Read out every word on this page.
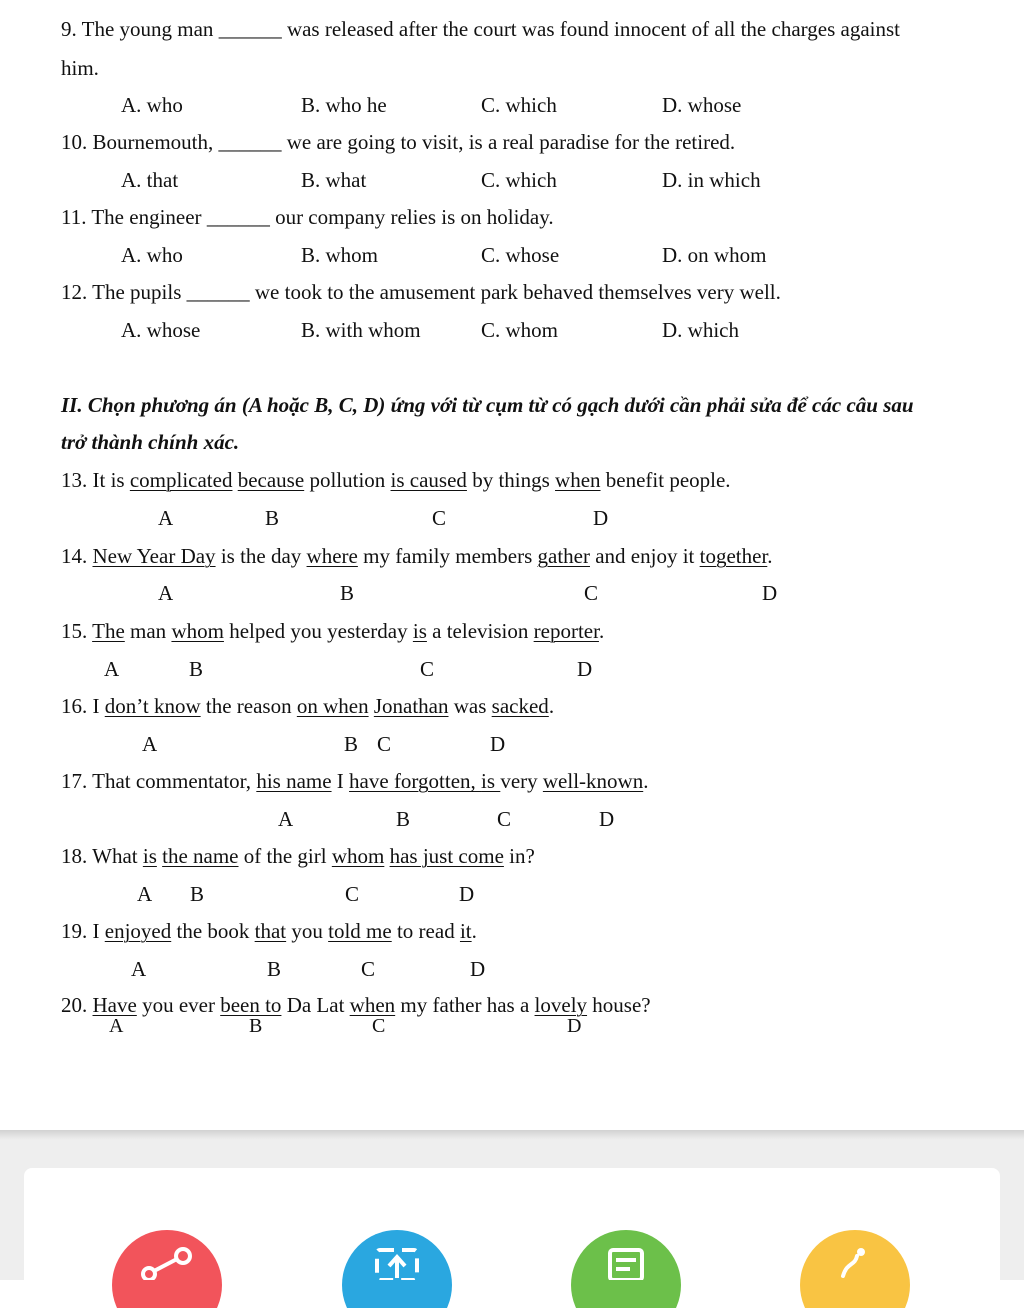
9. The young man ______ was released after the court was found innocent of all the charges against
him.
A. who	B. who he	C. which	D. whose
10. Bournemouth, ______ we are going to visit, is a real paradise for the retired.
A. that	B. what	C. which	D. in which
11. The engineer ______ our company relies is on holiday.
A. who	B. whom	C. whose	D. on whom
12. The pupils ______ we took to the amusement park behaved themselves very well.
A. whose	B. with whom	C. whom	D. which
II. Chọn phương án (A hoặc B, C, D) ứng với từ cụm từ có gạch dưới cần phải sửa để các câu sau
trở thành chính xác.
13. It is complicated because pollution is caused by things when benefit people.
A	B	C	D
14. New Year Day is the day where my family members gather and enjoy it together.
A	B	C	D
15. The man whom helped you yesterday is a television reporter.
A	B	C	D
16. I don’t know the reason on when Jonathan was sacked.
A	B C	D
17. That commentator, his name I have forgotten, is very well-known.
A	B	C	D
18. What is the name of the girl whom has just come in?
A B	C	D
19. I enjoyed the book that you told me to read it.
A	B	C	D
20. Have you ever been to Da Lat when my father has a lovely house?
A	B	C	D
